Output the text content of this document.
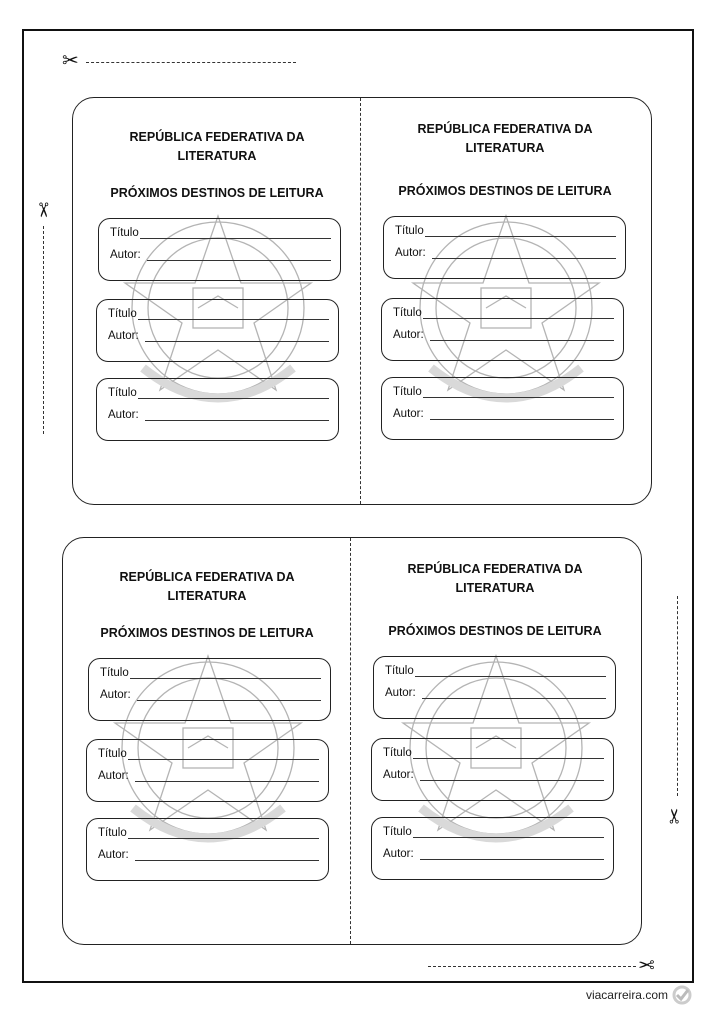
✂
✂
✂
✂
REPÚBLICA FEDERATIVA DA
LITERATURA
PRÓXIMOS DESTINOS DE LEITURA
Título
Autor:
Título
Autor:
Título
Autor:
REPÚBLICA FEDERATIVA DA
LITERATURA
PRÓXIMOS DESTINOS DE LEITURA
Título
Autor:
Título
Autor:
Título
Autor:
REPÚBLICA FEDERATIVA DA
LITERATURA
PRÓXIMOS DESTINOS DE LEITURA
Título
Autor:
Título
Autor:
Título
Autor:
REPÚBLICA FEDERATIVA DA
LITERATURA
PRÓXIMOS DESTINOS DE LEITURA
Título
Autor:
Título
Autor:
Título
Autor:
viacarreira.com
